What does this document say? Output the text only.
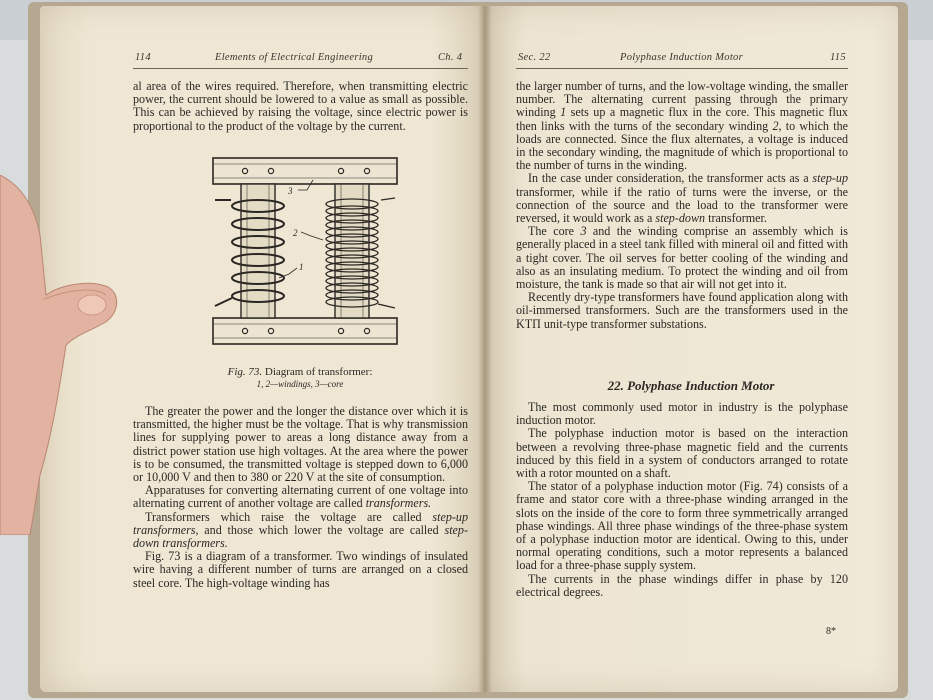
114	Elements of Electrical Engineering	Ch. 4

al area of the wires required. Therefore, when transmitting electric power, the current should be lowered to a value as small as possible. This can be achieved by raising the voltage, since electric power is proportional to the product of the voltage by the current.

3
2
1
Fig. 73. Diagram of transformer:
1, 2—windings, 3—core

The greater the power and the longer the distance over which it is transmitted, the higher must be the voltage. That is why transmission lines for supplying power to areas a long distance away from a district power station use high voltages. At the area where the power is to be consumed, the transmitted voltage is stepped down to 6,000 or 10,000 V and then to 380 or 220 V at the site of consumption.

Apparatuses for converting alternating current of one voltage into alternating current of another voltage are called transformers.

Transformers which raise the voltage are called step-up transformers, and those which lower the voltage are called step-down transformers.

Fig. 73 is a diagram of a transformer. Two windings of insulated wire having a different number of turns are arranged on a closed steel core. The high-voltage winding has

Sec. 22	Polyphase Induction Motor	115

the larger number of turns, and the low-voltage winding, the smaller number. The alternating current passing through the primary winding 1 sets up a magnetic flux in the core. This magnetic flux then links with the turns of the secondary winding 2, to which the loads are connected. Since the flux alternates, a voltage is induced in the secondary winding, the magnitude of which is proportional to the number of turns in the winding.

In the case under consideration, the transformer acts as a step-up transformer, while if the ratio of turns were the inverse, or the connection of the source and the load to the transformer were reversed, it would work as a step-down transformer.

The core 3 and the winding comprise an assembly which is generally placed in a steel tank filled with mineral oil and fitted with a tight cover. The oil serves for better cooling of the winding and also as an insulating medium. To protect the winding and oil from moisture, the tank is made so that air will not get into it.

Recently dry-type transformers have found application along with oil-immersed transformers. Such are the transformers used in the KTП unit-type transformer substations.

22. Polyphase Induction Motor

The most commonly used motor in industry is the polyphase induction motor.

The polyphase induction motor is based on the interaction between a revolving three-phase magnetic field and the currents induced by this field in a system of conductors arranged to rotate with a rotor mounted on a shaft.

The stator of a polyphase induction motor (Fig. 74) consists of a frame and stator core with a three-phase winding arranged in the slots on the inside of the core to form three symmetrically arranged phase windings. All three phase windings of the three-phase system of a polyphase induction motor are identical. Owing to this, under normal operating conditions, such a motor represents a balanced load for a three-phase supply system.

The currents in the phase windings differ in phase by 120 electrical degrees.

8*
